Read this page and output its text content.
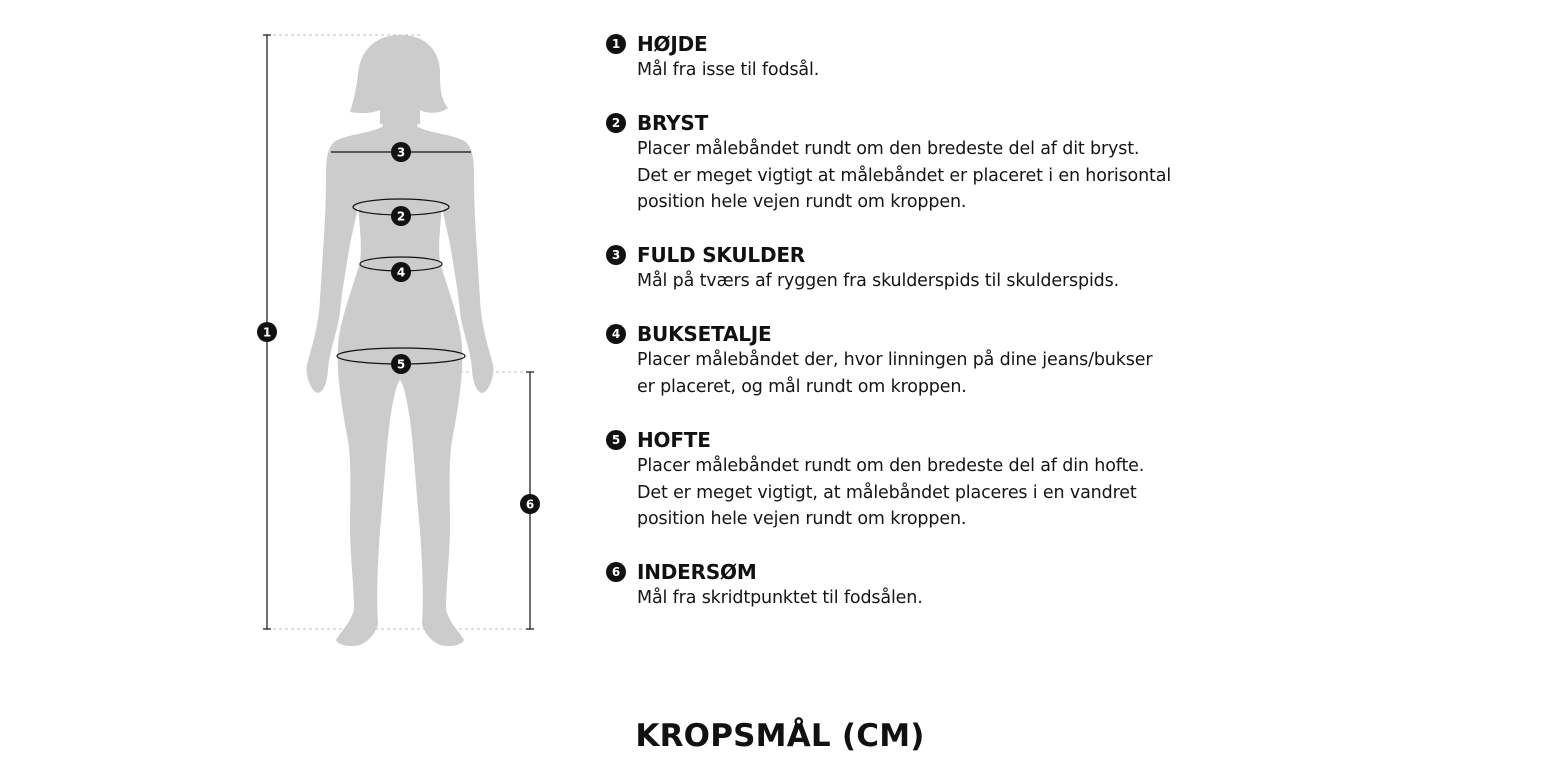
1
3
2
4
5
6
1 HØJDE
Mål fra isse til fodsål.
2 BRYST
Placer målebåndet rundt om den bredeste del af dit bryst.
Det er meget vigtigt at målebåndet er placeret i en horisontal
position hele vejen rundt om kroppen.
3 FULD SKULDER
Mål på tværs af ryggen fra skulderspids til skulderspids.
4 BUKSETALJE
Placer målebåndet der, hvor linningen på dine jeans/bukser
er placeret, og mål rundt om kroppen.
5 HOFTE
Placer målebåndet rundt om den bredeste del af din hofte.
Det er meget vigtigt, at målebåndet placeres i en vandret
position hele vejen rundt om kroppen.
6 INDERSØM
Mål fra skridtpunktet til fodsålen.
KROPSMÅL (CM)
